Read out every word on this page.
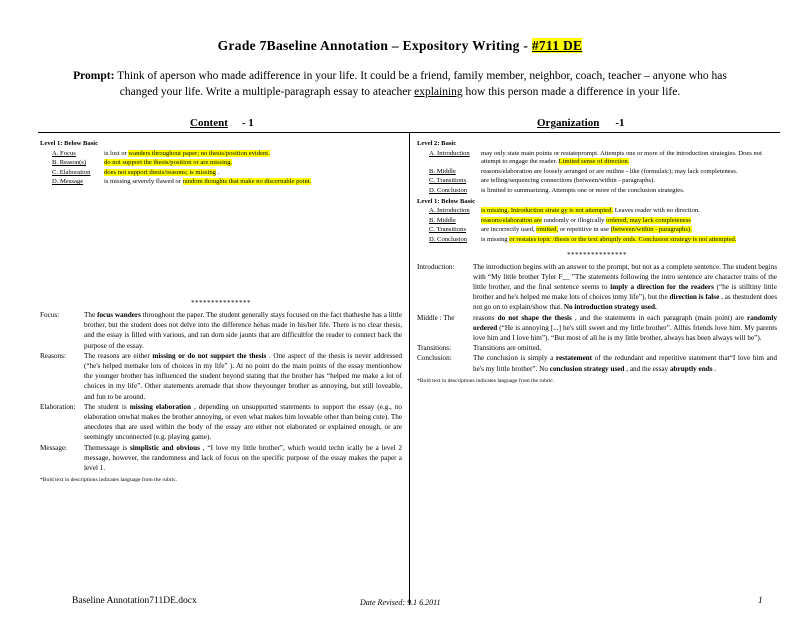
Grade 7Baseline Annotation – Expository Writing - #711 DE
Prompt: Think of aperson who made adifference in your life. It could be a friend, family member, neighbor, coach, teacher – anyone who has changed your life. Write a multiple-paragraph essay to ateacher explaining how this person made a difference in your life.
Content - 1	Organization -1
Level 1: Below Basic
A. Focus	is lost or wanders throughout paper; no thesis/position evident.
B. Reason(s)	do not support the thesis/position or are missing.
C. Elaboration	does not support thesis/reasons; is missing .
D. Message	is missing severely flawed or random thoughts that make no discernable point.
***************
Focus:	The focus wanders throughout the paper. The student generally stays focused on the fact thatheshe has a little brother, but the student does not delve into the difference hehas made in his/her life. There is no clear thesis, and the essay is filled with various, and ran dom side jaunts that are difficultfor the reader to connect back the purpose of the essay.
Reasons:	The reasons are either missing or do not support the thesis . One aspect of the thesis is never addressed (“he's helped memake lots of choices in my life” ). At no point do the main points of the essay mentionhow the younger brother has influenced the student beyond stating that the brother has “helped me make a lot of choices in my life”. Other statements aremade that show theyounger brother as annoying, but still loveable, and fun to be around.
Elaboration:	The student is missing elaboration , depending on unsupported statements to support the essay (e.g., no elaboration onwhat makes the brother annoying, or even what makes him loveable other than being cute). The anecdotes that are used within the body of the essay are either not elaborated or explained enough, or are seemingly unconnected (e.g. playing game).
Message:	Themessage is simplistic and obvious , “I love my little brother”, which would techn ically be a level 2 message, however, the randomness and lack of focus on the specific purpose of the essay makes the paper a level 1.
*Bold text in descriptions indicates language from the rubric.
Level 2: Basic
A. Introduction	may only state main points or restateprompt. Attempts one or more of the introduction strategies. Does not attempt to engage the reader. Limited sense of direction.
B. Middle	reasons/elaboration are loosely arranged or are outline - like (formulaic); may lack completeness.
C. Transitions	are telling/sequencing connections (between/within - paragraphs).
D. Conclusion	is limited to summarizing. Attempts one or more of the conclusion strategies.
Level 1: Below Basic
A. Introduction	is missing. Introduction strate gy is not attempted. Leaves reader with no direction.
B. Middle	reasons/elaboration are randomly or illogically ordered; may lack completeness
C. Transitions	are incorrectly used, omitted, or repetitive in use (between/within - paragraphs).
D. Conclusion	is missing or restates topic /thesis or the text abruptly ends. Conclusion strategy is not attempted.
***************
Introduction:	The introduction begins with an answer to the prompt, but not as a complete sentence. The student begins with “My little brother Tyler F__ ”The statements following the intro sentence are character traits of the little brother, and the final sentence seems to imply a direction for the readers (“he is stilltiny little brother and he's helped me make lots of choices inmy life”), but the direction is false , as thestudent does not go on to explain/show that. No introduction strategy used.
Middle : The	reasons do not shape the thesis , and the statements in each paragraph (main point) are randomly ordered (“He is annoying [...] he's still sweet and my little brother”. Allhis friends love him. My parents love him and I love him”). “But most of all he is my little brother, always has been always will be”).
Transitions:	Transitions are omitted.
Conclusion:	The conclusion is simply a restatement of the redundant and repetitive statement that“I love him and he's my little brother”. No conclusion strategy used , and the essay abruptly ends .
*Bold text in descriptions indicates language from the rubric.
Baseline Annotation711DE.docx	Date Revised: 9.1 6.2011	1
